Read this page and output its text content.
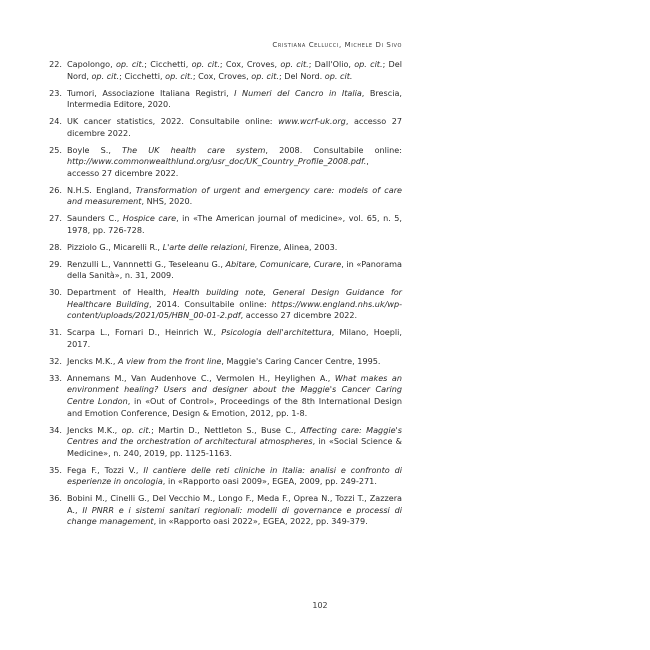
Cristiana Cellucci, Michele Di Sivo
22. Capolongo, op. cit.; Cicchetti, op. cit.; Cox, Croves, op. cit.; Dall'Olio, op. cit.; Del Nord, op. cit.; Cicchetti, op. cit.; Cox, Croves, op. cit.; Del Nord. op. cit.
23. Tumori, Associazione Italiana Registri, I Numeri del Cancro in Italia, Brescia, Intermedia Editore, 2020.
24. UK cancer statistics, 2022. Consultabile online: www.wcrf-uk.org, accesso 27 dicembre 2022.
25. Boyle S., The UK health care system, 2008. Consultabile online: http://www.commonwealthlund.org/usr_doc/UK_Country_Profile_2008.pdf., accesso 27 dicembre 2022.
26. N.H.S. England, Transformation of urgent and emergency care: models of care and measurement, NHS, 2020.
27. Saunders C., Hospice care, in «The American journal of medicine», vol. 65, n. 5, 1978, pp. 726-728.
28. Pizziolo G., Micarelli R., L'arte delle relazioni, Firenze, Alinea, 2003.
29. Renzulli L., Vannnetti G., Teseleanu G., Abitare, Comunicare, Curare, in «Panorama della Sanità», n. 31, 2009.
30. Department of Health, Health building note, General Design Guidance for Healthcare Building, 2014. Consultabile online: https://www.england.nhs.uk/wp-content/uploads/2021/05/HBN_00-01-2.pdf, accesso 27 dicembre 2022.
31. Scarpa L., Fornari D., Heinrich W., Psicologia dell'architettura, Milano, Hoepli, 2017.
32. Jencks M.K., A view from the front line, Maggie's Caring Cancer Centre, 1995.
33. Annemans M., Van Audenhove C., Vermolen H., Heylighen A., What makes an environment healing? Users and designer about the Maggie's Cancer Caring Centre London, in «Out of Control», Proceedings of the 8th International Design and Emotion Conference, Design & Emotion, 2012, pp. 1-8.
34. Jencks M.K., op. cit.; Martin D., Nettleton S., Buse C., Affecting care: Maggie's Centres and the orchestration of architectural atmospheres, in «Social Science & Medicine», n. 240, 2019, pp. 1125-1163.
35. Fega F., Tozzi V., Il cantiere delle reti cliniche in Italia: analisi e confronto di esperienze in oncologia, in «Rapporto oasi 2009», EGEA, 2009, pp. 249-271.
36. Bobini M., Cinelli G., Del Vecchio M., Longo F., Meda F., Oprea N., Tozzi T., Zazzera A., Il PNRR e i sistemi sanitari regionali: modelli di governance e processi di change management, in «Rapporto oasi 2022», EGEA, 2022, pp. 349-379.
102
